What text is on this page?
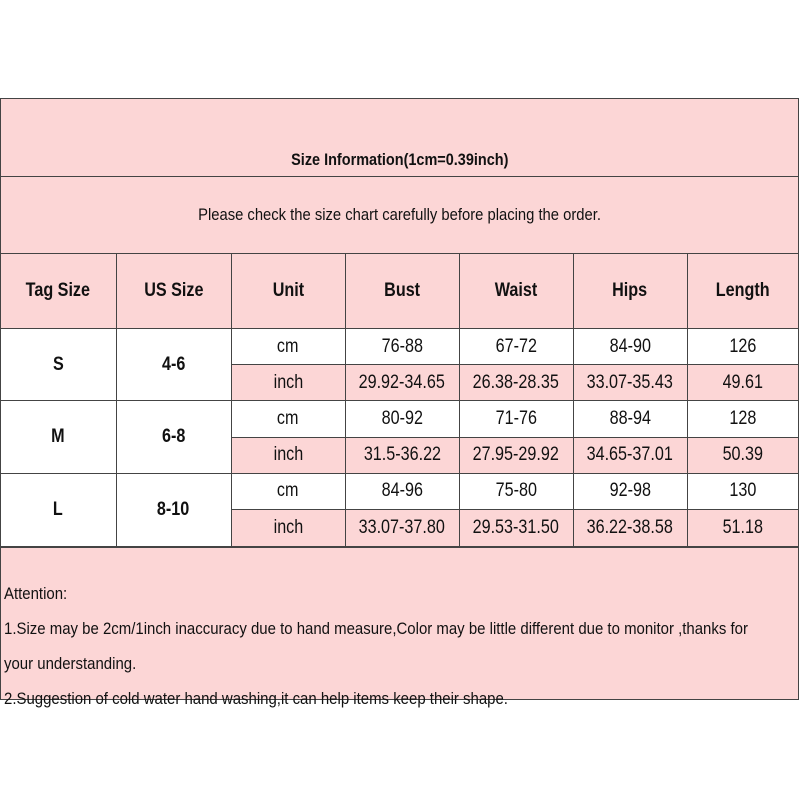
Size Information(1cm=0.39inch)
Please check the size chart carefully before placing the order.
Tag Size	US Size	Unit	Bust	Waist	Hips	Length
S	4-6	cm	76-88	67-72	84-90	126
		inch	29.92-34.65	26.38-28.35	33.07-35.43	49.61
M	6-8	cm	80-92	71-76	88-94	128
		inch	31.5-36.22	27.95-29.92	34.65-37.01	50.39
L	8-10	cm	84-96	75-80	92-98	130
		inch	33.07-37.80	29.53-31.50	36.22-38.58	51.18
Attention:
1.Size may be 2cm/1inch inaccuracy due to hand measure,Color may be little different due to monitor ,thanks for
your understanding.
2.Suggestion of cold water hand washing,it can help items keep their shape.
